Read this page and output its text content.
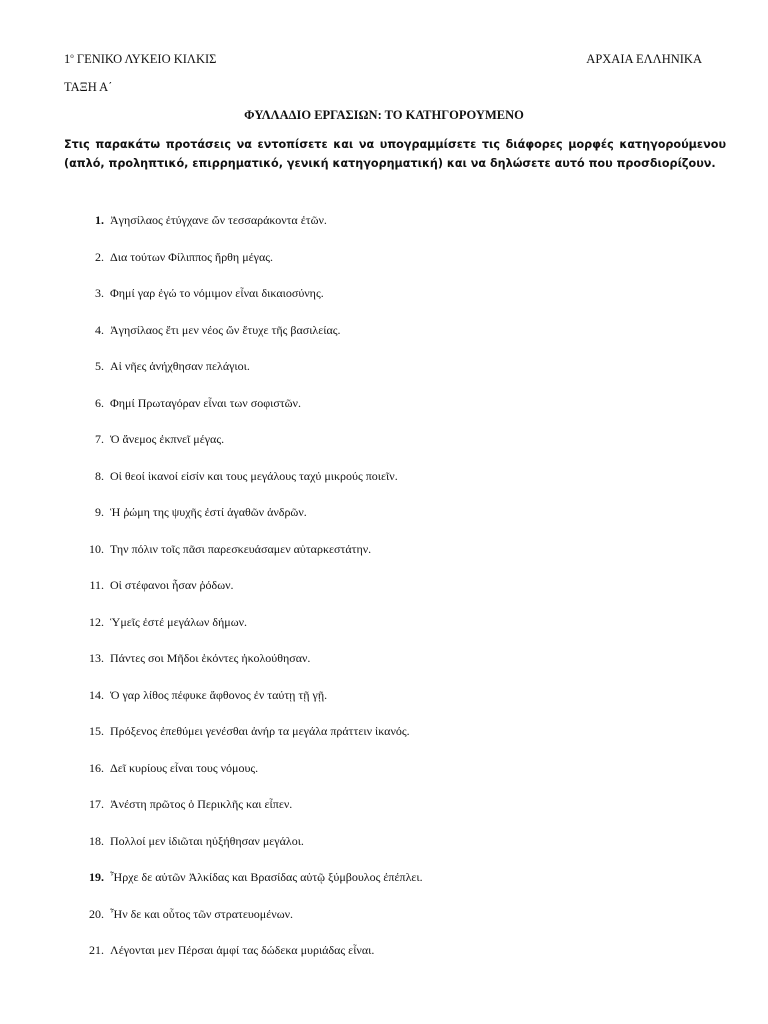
$1^o$ ΓΕΝΙΚΟ ΛΥΚΕΙΟ ΚΙΛΚΙΣ	ΑΡΧΑΙΑ ΕΛΛΗΝΙΚΑ
ΤΑΞΗ Α΄
ΦΥΛΛΑΔΙΟ ΕΡΓΑΣΙΩΝ: ΤΟ ΚΑΤΗΓΟΡΟΥΜΕΝΟ
Στις παρακάτω προτάσεις να εντοπίσετε και να υπογραμμίσετε τις διάφορες μορφές κατηγορούμενου (απλό, προληπτικό, επιρρηματικό, γενική κατηγορηματική) και να δηλώσετε αυτό που προσδιορίζουν.
1. Ἀγησίλαος ἐτύγχανε ὤν τεσσαράκοντα ἐτῶν.
2. Δια τούτων Φίλιππος ἤρθη μέγας.
3. Φημί γαρ ἐγώ το νόμιμον εἶναι δικαιοσύνης.
4. Ἀγησίλαος ἔτι μεν νέος ὤν ἔτυχε τῆς βασιλείας.
5. Αἱ νῆες ἀνήχθησαν πελάγιοι.
6. Φημί Πρωταγόραν εἶναι των σοφιστῶν.
7. Ὁ ἄνεμος ἐκπνεῖ μέγας.
8. Οἱ θεοί ἱκανοί εἰσίν και τους μεγάλους ταχύ μικρούς ποιεῖν.
9. Ἡ ῥώμη της ψυχῆς ἐστί ἀγαθῶν ἀνδρῶν.
10. Την πόλιν τοῖς πᾶσι παρεσκευάσαμεν αὐταρκεστάτην.
11. Οἱ στέφανοι ἦσαν ῥόδων.
12. Ὑμεῖς ἐστέ μεγάλων δήμων.
13. Πάντες σοι Μῆδοι ἑκόντες ἠκολούθησαν.
14. Ὁ γαρ λίθος πέφυκε ἄφθονος ἐν ταύτῃ τῇ γῇ.
15. Πρόξενος ἐπεθύμει γενέσθαι ἀνήρ τα μεγάλα πράττειν ἱκανός.
16. Δεῖ κυρίους εἶναι τους νόμους.
17. Ἀνέστη πρῶτος ὁ Περικλῆς και εἶπεν.
18. Πολλοί μεν ἰδιῶται ηὐξήθησαν μεγάλοι.
19. Ἦρχε δε αὐτῶν Ἀλκίδας και Βρασίδας αὐτῷ ξύμβουλος ἐπέπλει.
20. Ἦν δε και οὗτος τῶν στρατευομένων.
21. Λέγονται μεν Πέρσαι ἀμφί τας δώδεκα μυριάδας εἶναι.
